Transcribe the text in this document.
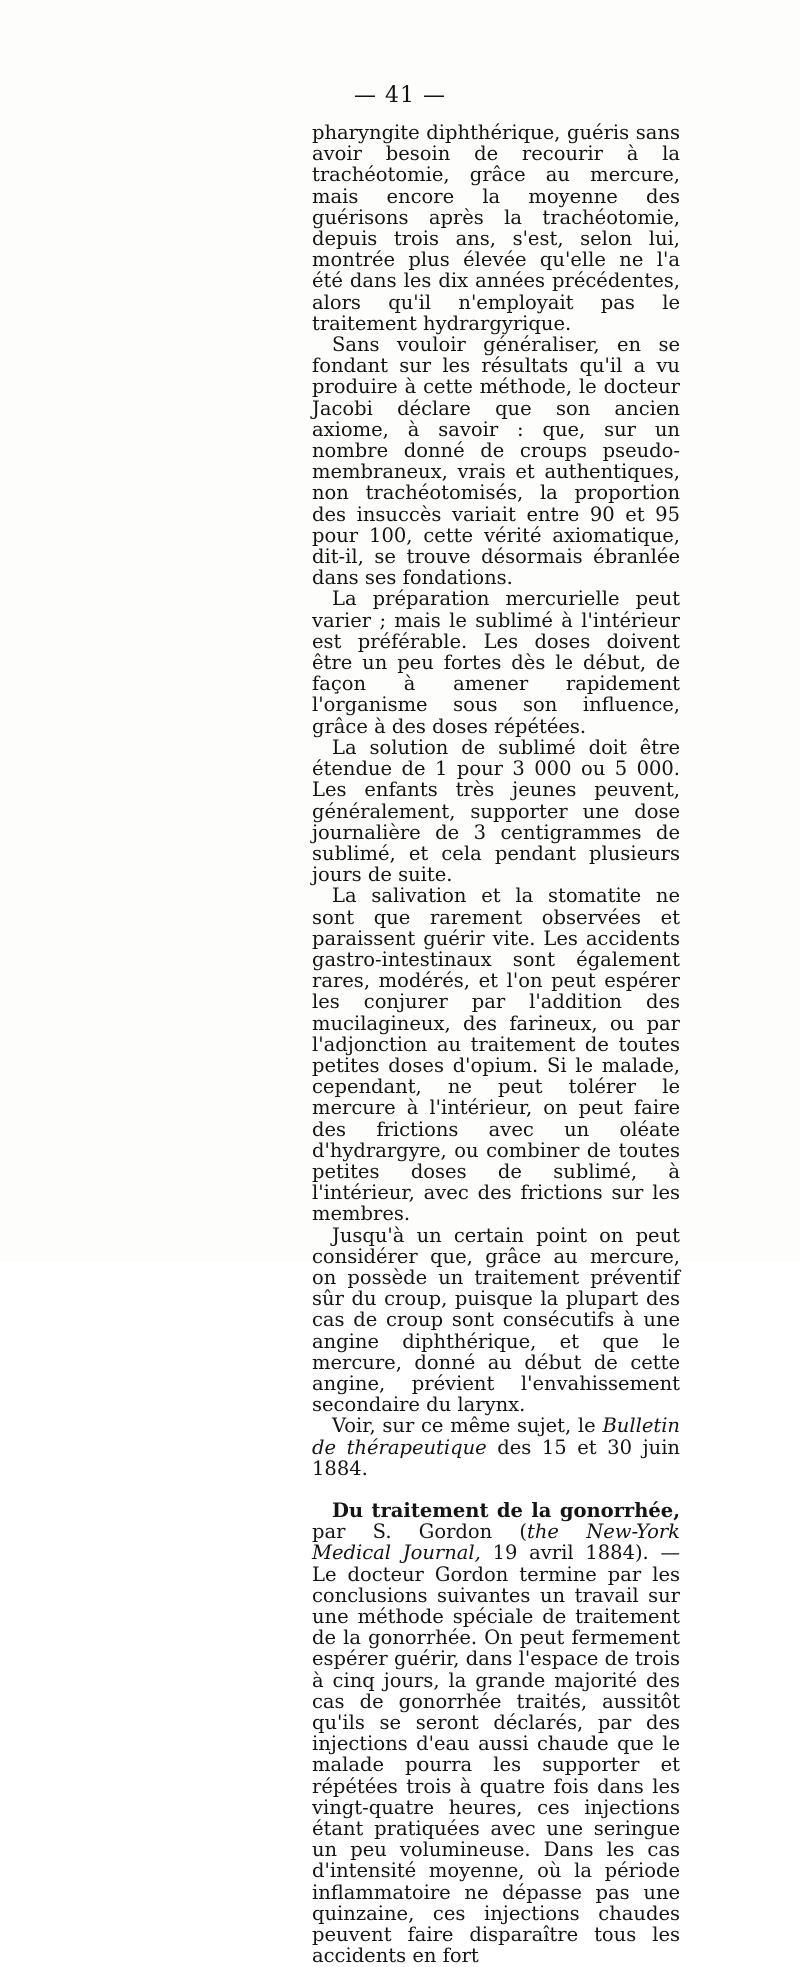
— 41 —

pharyngite diphthérique, guéris sans avoir besoin de recourir à la trachéotomie, grâce au mercure, mais encore la moyenne des guérisons après la trachéotomie, depuis trois ans, s'est, selon lui, montrée plus élevée qu'elle ne l'a été dans les dix années précédentes, alors qu'il n'employait pas le traitement hydrargyrique.

Sans vouloir généraliser, en se fondant sur les résultats qu'il a vu produire à cette méthode, le docteur Jacobi déclare que son ancien axiome, à savoir : que, sur un nombre donné de croups pseudo-membraneux, vrais et authentiques, non trachéotomisés, la proportion des insuccès variait entre 90 et 95 pour 100, cette vérité axiomatique, dit-il, se trouve désormais ébranlée dans ses fondations.

La préparation mercurielle peut varier ; mais le sublimé à l'intérieur est préférable. Les doses doivent être un peu fortes dès le début, de façon à amener rapidement l'organisme sous son influence, grâce à des doses répétées.

La solution de sublimé doit être étendue de 1 pour 3 000 ou 5 000. Les enfants très jeunes peuvent, généralement, supporter une dose journalière de 3 centigrammes de sublimé, et cela pendant plusieurs jours de suite.

La salivation et la stomatite ne sont que rarement observées et paraissent guérir vite. Les accidents gastro-intestinaux sont également rares, modérés, et l'on peut espérer les conjurer par l'addition des mucilagineux, des farineux, ou par l'adjonction au traitement de toutes petites doses d'opium. Si le malade, cependant, ne peut tolérer le mercure à l'intérieur, on peut faire des frictions avec un oléate d'hydrargyre, ou combiner de toutes petites doses de sublimé, à l'intérieur, avec des frictions sur les membres.

Jusqu'à un certain point on peut considérer que, grâce au mercure, on possède un traitement préventif sûr du croup, puisque la plupart des cas de croup sont consécutifs à une angine diphthérique, et que le mercure, donné au début de cette angine, prévient l'envahissement secondaire du larynx.

Voir, sur ce même sujet, le Bulletin de thérapeutique des 15 et 30 juin 1884.

Du traitement de la gonorrhée, par S. Gordon (the New-York Medical Journal, 19 avril 1884). — Le docteur Gordon termine par les conclusions suivantes un travail sur une méthode spéciale de traitement de la gonorrhée. On peut fermement espérer guérir, dans l'espace de trois à cinq jours, la grande majorité des cas de gonorrhée traités, aussitôt qu'ils se seront déclarés, par des injections d'eau aussi chaude que le malade pourra les supporter et répétées trois à quatre fois dans les vingt-quatre heures, ces injections étant pratiquées avec une seringue un peu volumineuse. Dans les cas d'intensité moyenne, où la période inflammatoire ne dépasse pas une quinzaine, ces injections chaudes peuvent faire disparaître tous les accidents en fort
